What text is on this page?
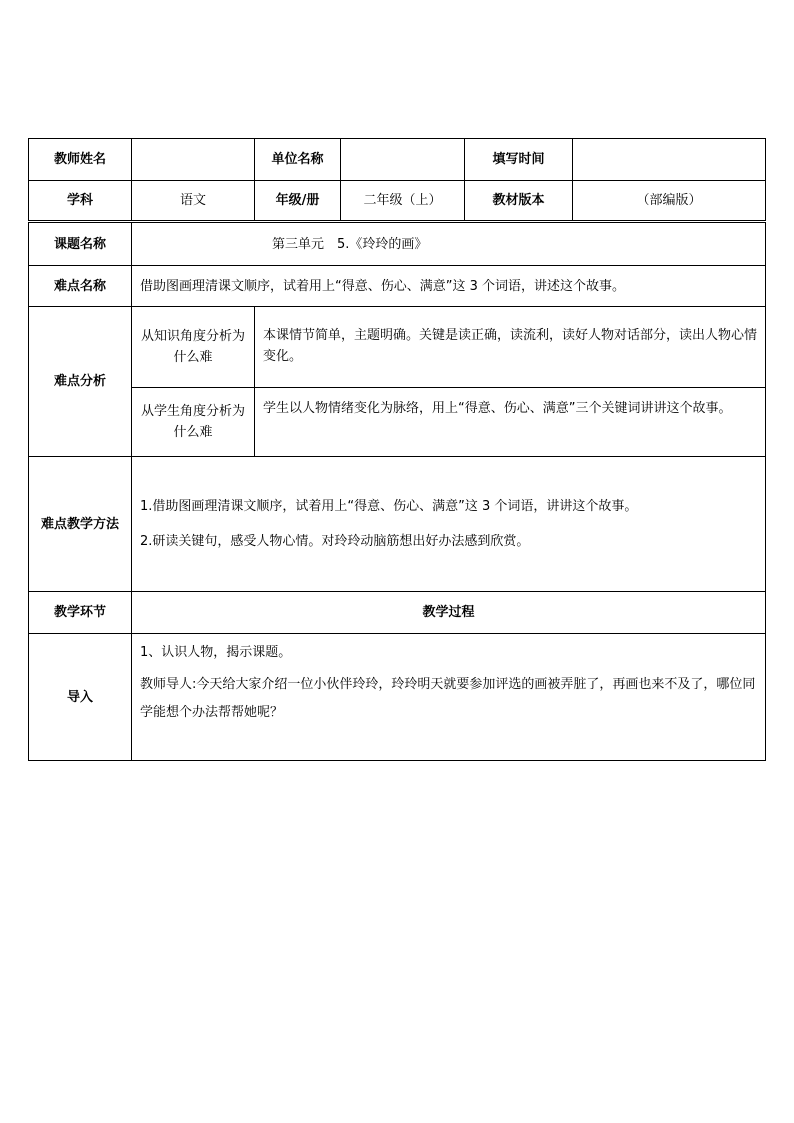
教师姓名		单位名称		填写时间	
学科	语文	年级/册	二年级（上）	教材版本	（部编版）
课题名称	第三单元　5.《玲玲的画》				
难点名称	借助图画理清课文顺序，试着用上“得意、伤心、满意”这 3 个词语，讲述这个故事。				
难点分析	从知识角度分析为什么难	本课情节简单，主题明确。关键是读正确，读流利，读好人物对话部分，读出人物心情变化。			
	从学生角度分析为什么难	学生以人物情绪变化为脉络，用上“得意、伤心、满意”三个关键词讲讲这个故事。			
难点教学方法	1.借助图画理清课文顺序，试着用上“得意、伤心、满意”这 3 个词语，讲讲这个故事。

2.研读关键句，感受人物心情。对玲玲动脑筋想出好办法感到欣赏。				

教学环节	教学过程				
导入	1、认识人物，揭示课题。

教师导人:今天给大家介绍一位小伙伴玲玲，玲玲明天就要参加评选的画被弄脏了，再画也来不及了，哪位同学能想个办法帮帮她呢？				
